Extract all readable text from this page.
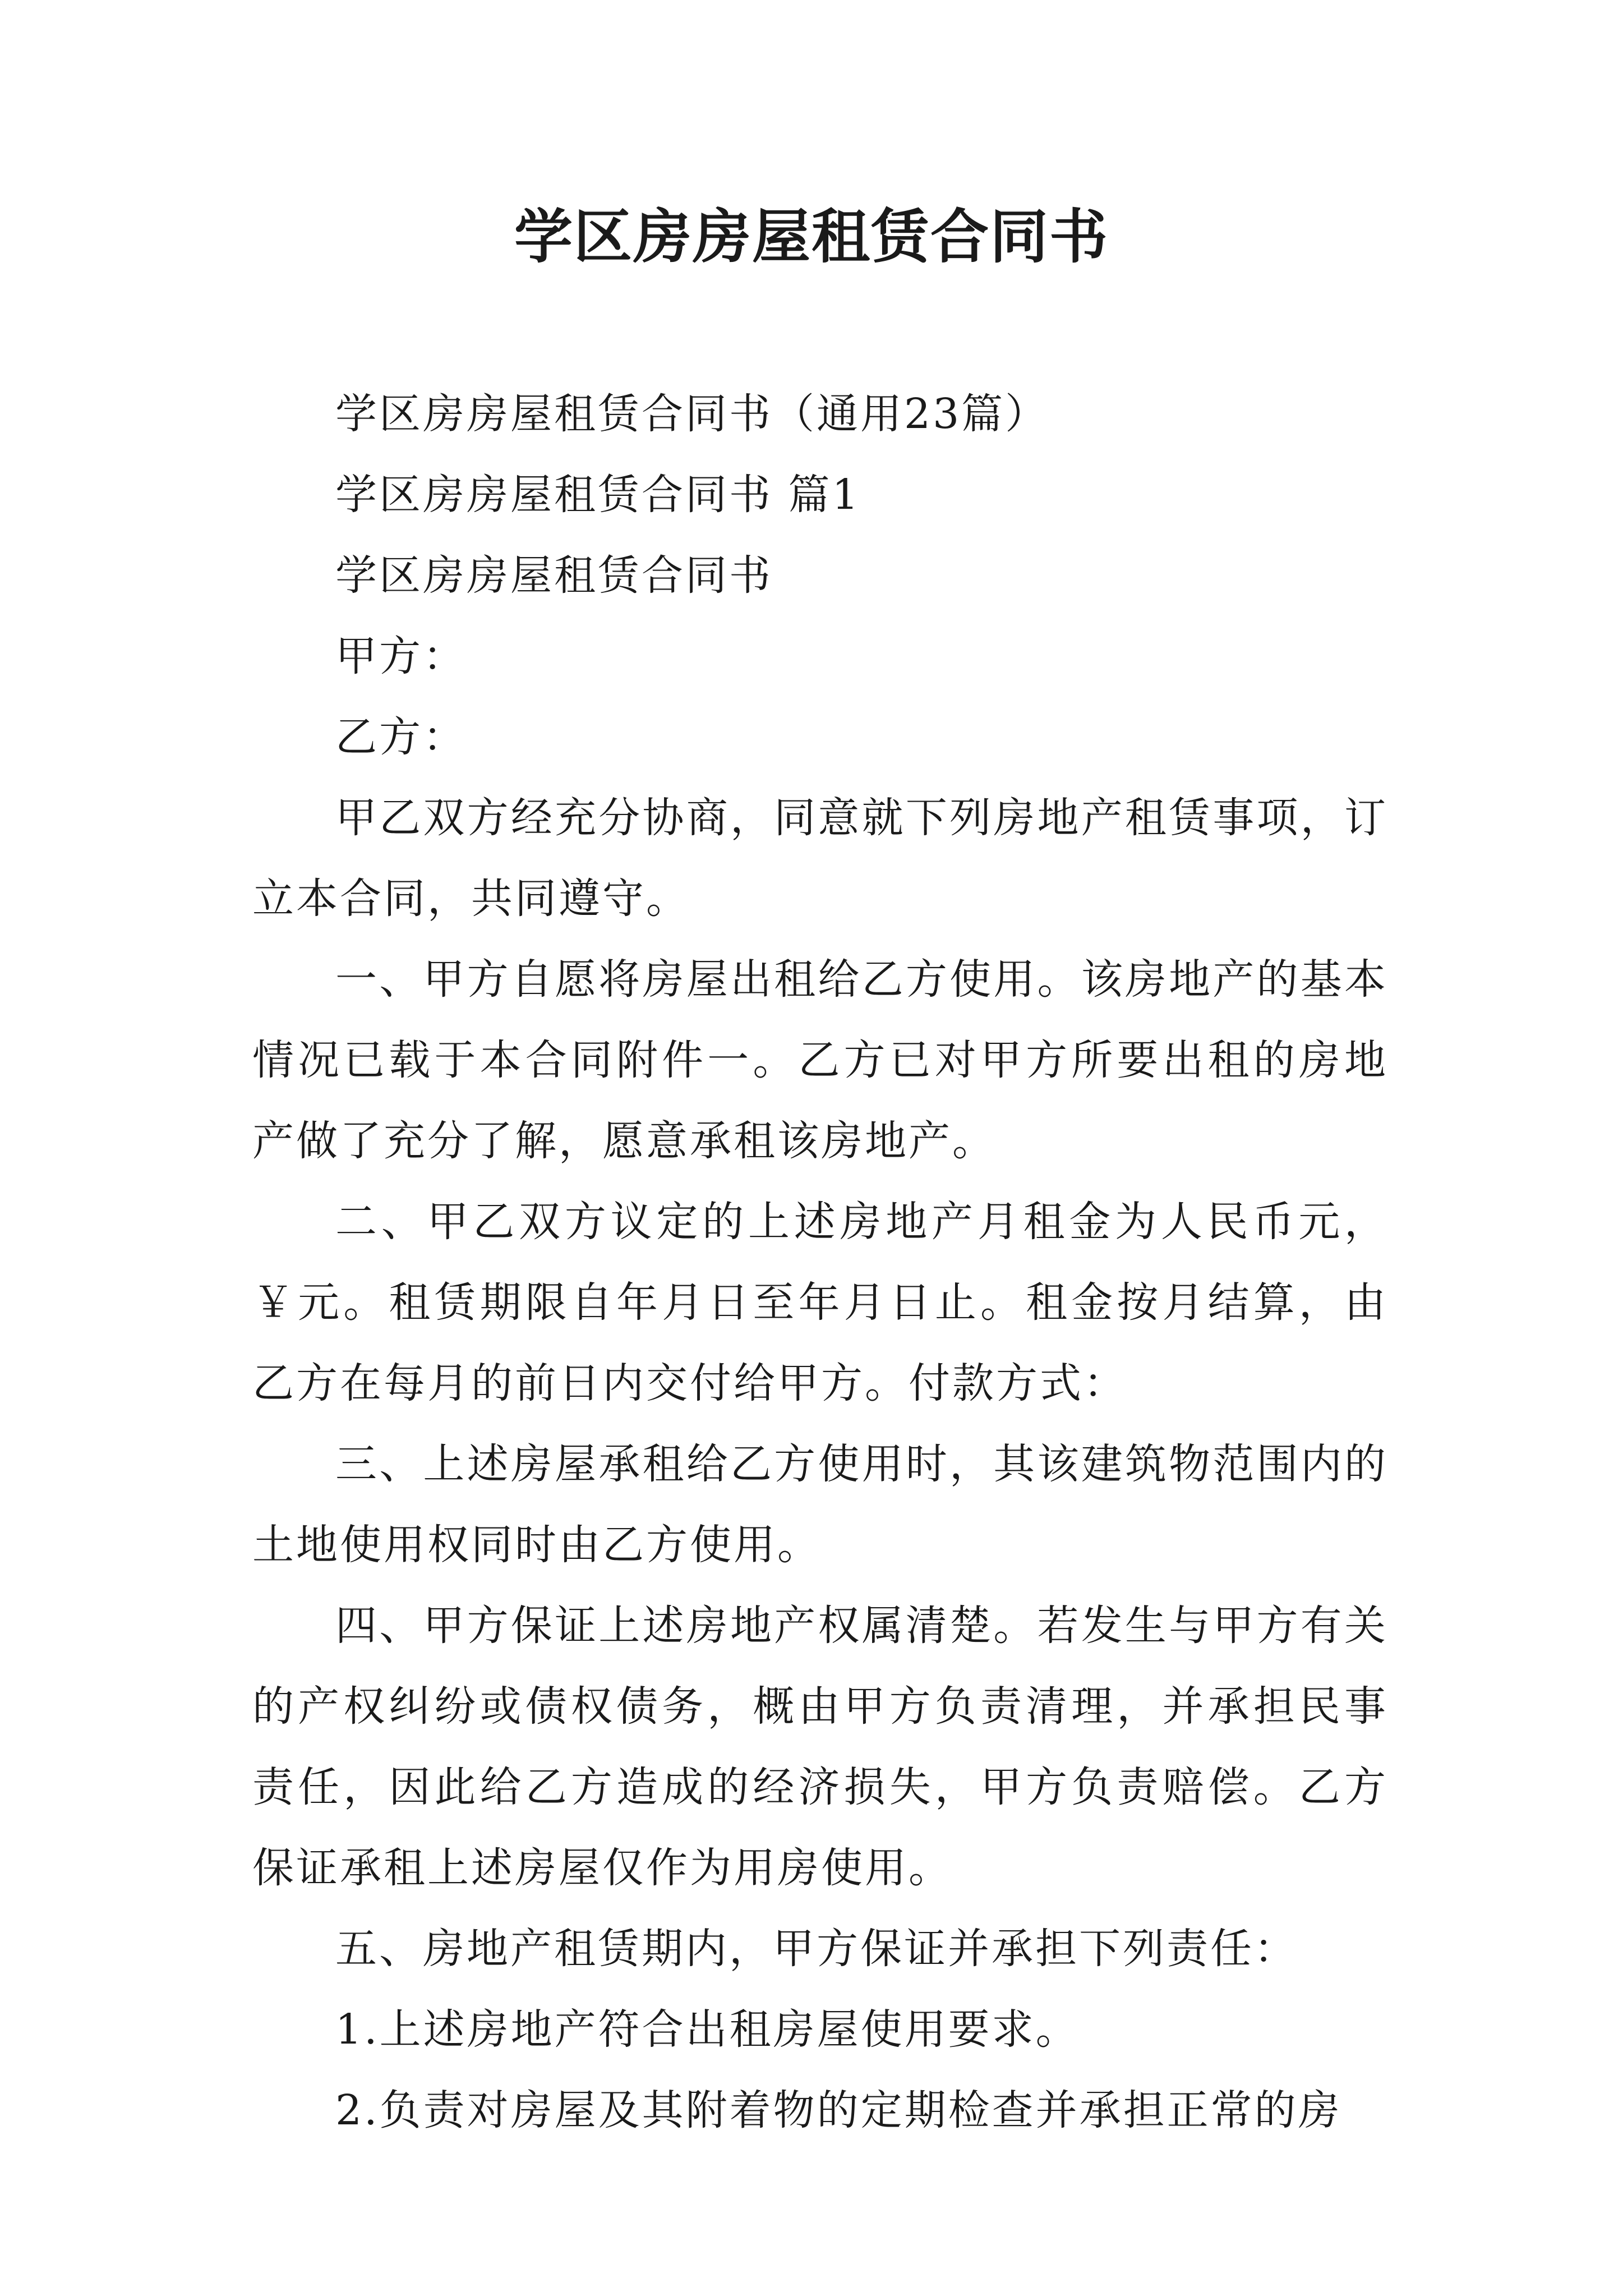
学区房房屋租赁合同书

学区房房屋租赁合同书（通用23篇）

学区房房屋租赁合同书 篇1

学区房房屋租赁合同书

甲方：

乙方：

甲乙双方经充分协商，同意就下列房地产租赁事项，订立本合同，共同遵守。

一、甲方自愿将房屋出租给乙方使用。该房地产的基本情况已载于本合同附件一。乙方已对甲方所要出租的房地产做了充分了解，愿意承租该房地产。

二、甲乙双方议定的上述房地产月租金为人民币元，￥元。租赁期限自年月日至年月日止。租金按月结算，由乙方在每月的前日内交付给甲方。付款方式：

三、上述房屋承租给乙方使用时，其该建筑物范围内的土地使用权同时由乙方使用。

四、甲方保证上述房地产权属清楚。若发生与甲方有关的产权纠纷或债权债务，概由甲方负责清理，并承担民事责任，因此给乙方造成的经济损失，甲方负责赔偿。乙方保证承租上述房屋仅作为用房使用。

五、房地产租赁期内，甲方保证并承担下列责任：

1.上述房地产符合出租房屋使用要求。

2.负责对房屋及其附着物的定期检查并承担正常的房
